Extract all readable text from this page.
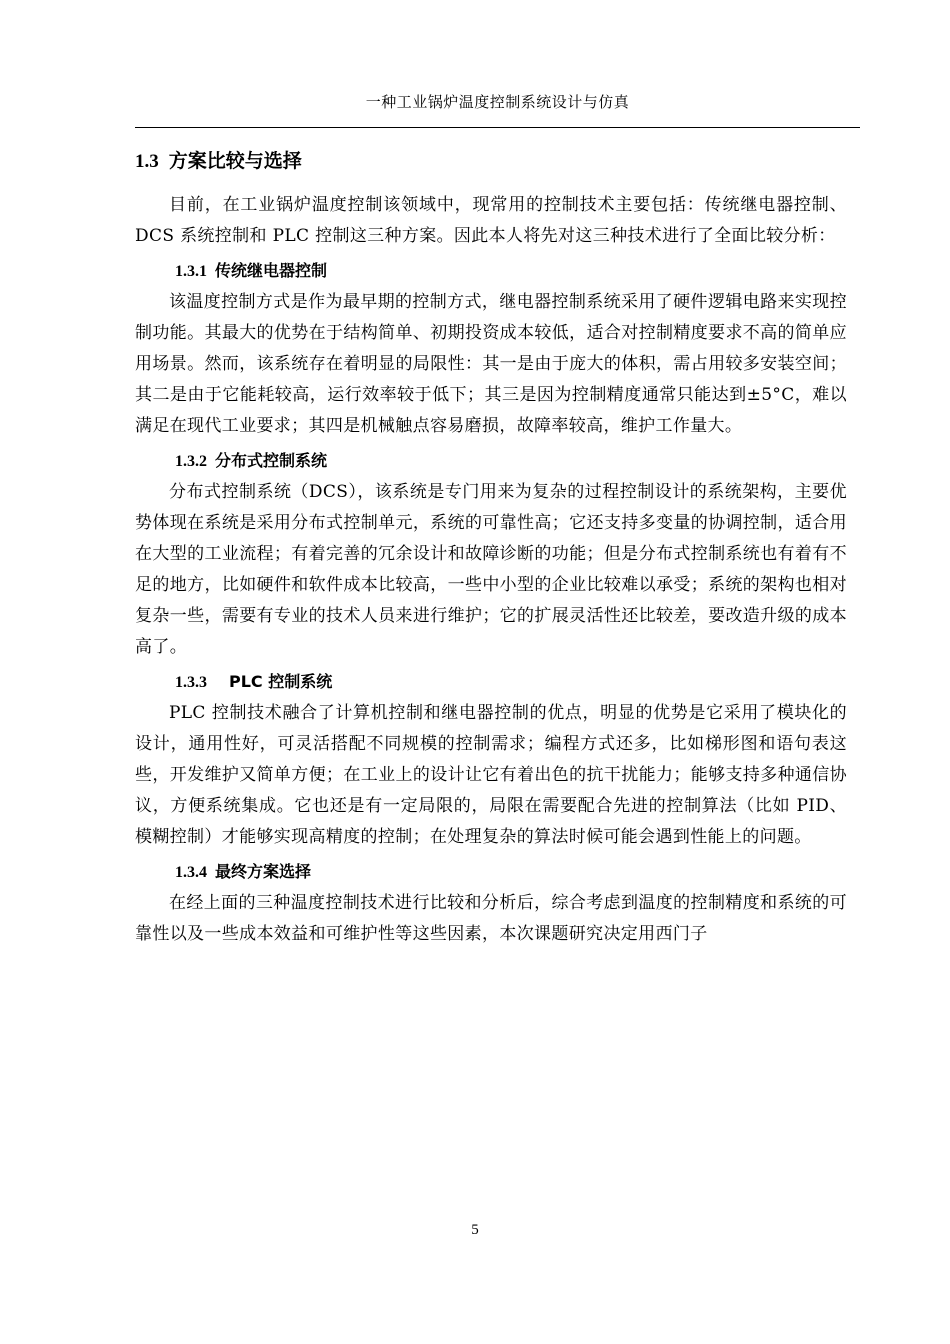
一种工业锅炉温度控制系统设计与仿真
1.3 方案比较与选择

目前，在工业锅炉温度控制该领域中，现常用的控制技术主要包括：传统继电器控制、DCS 系统控制和 PLC 控制这三种方案。因此本人将先对这三种技术进行了全面比较分析：

1.3.1 传统继电器控制

该温度控制方式是作为最早期的控制方式，继电器控制系统采用了硬件逻辑电路来实现控制功能。其最大的优势在于结构简单、初期投资成本较低，适合对控制精度要求不高的简单应用场景。然而，该系统存在着明显的局限性：其一是由于庞大的体积，需占用较多安装空间；其二是由于它能耗较高，运行效率较于低下；其三是因为控制精度通常只能达到±5°C，难以满足在现代工业要求；其四是机械触点容易磨损，故障率较高，维护工作量大。

1.3.2 分布式控制系统

分布式控制系统（DCS），该系统是专门用来为复杂的过程控制设计的系统架构，主要优势体现在系统是采用分布式控制单元，系统的可靠性高；它还支持多变量的协调控制，适合用在大型的工业流程；有着完善的冗余设计和故障诊断的功能；但是分布式控制系统也有着有不足的地方，比如硬件和软件成本比较高，一些中小型的企业比较难以承受；系统的架构也相对复杂一些，需要有专业的技术人员来进行维护；它的扩展灵活性还比较差，要改造升级的成本高了。

1.3.3 PLC 控制系统

PLC 控制技术融合了计算机控制和继电器控制的优点，明显的优势是它采用了模块化的设计，通用性好，可灵活搭配不同规模的控制需求；编程方式还多，比如梯形图和语句表这些，开发维护又简单方便；在工业上的设计让它有着出色的抗干扰能力；能够支持多种通信协议，方便系统集成。它也还是有一定局限的，局限在需要配合先进的控制算法（比如 PID、模糊控制）才能够实现高精度的控制；在处理复杂的算法时候可能会遇到性能上的问题。

1.3.4 最终方案选择

在经上面的三种温度控制技术进行比较和分析后，综合考虑到温度的控制精度和系统的可靠性以及一些成本效益和可维护性等这些因素，本次课题研究决定用西门子

5
